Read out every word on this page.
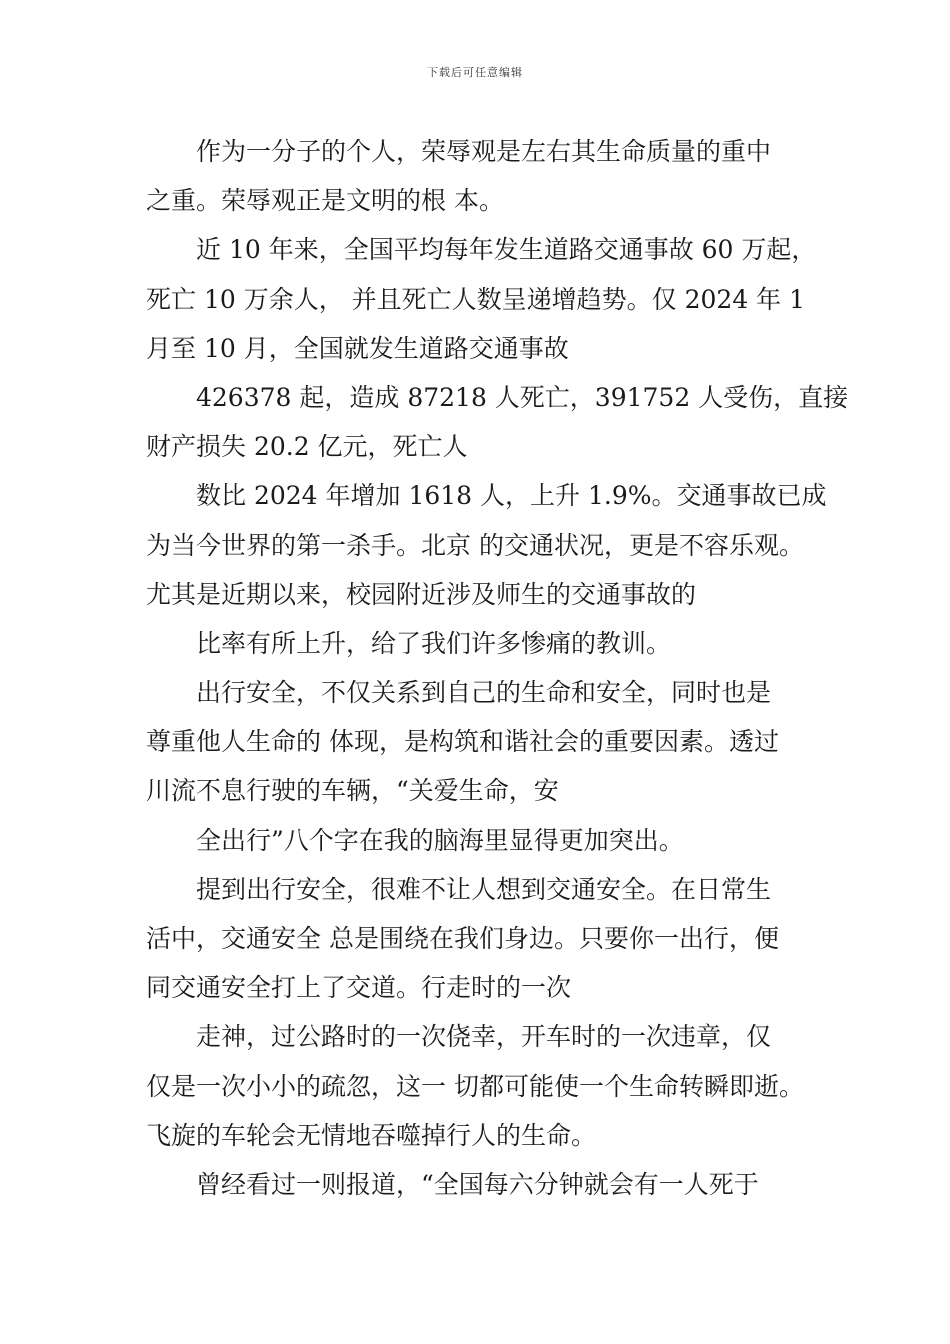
下载后可任意编辑

作为一分子的个人，荣辱观是左右其生命质量的重中
之重。荣辱观正是文明的根 本。

近 10 年来，全国平均每年发生道路交通事故 60 万起，
死亡 10 万余人， 并且死亡人数呈递增趋势。仅 2024 年 1
月至 10 月，全国就发生道路交通事故

426378 起，造成 87218 人死亡，391752 人受伤，直接
财产损失 20.2 亿元，死亡人

数比 2024 年增加 1618 人，上升 1.9%。交通事故已成
为当今世界的第一杀手。北京 的交通状况，更是不容乐观。
尤其是近期以来，校园附近涉及师生的交通事故的

比率有所上升，给了我们许多惨痛的教训。

出行安全，不仅关系到自己的生命和安全，同时也是
尊重他人生命的 体现，是构筑和谐社会的重要因素。透过
川流不息行驶的车辆，“关爱生命，安

全出行”八个字在我的脑海里显得更加突出。

提到出行安全，很难不让人想到交通安全。在日常生
活中，交通安全 总是围绕在我们身边。只要你一出行，便
同交通安全打上了交道。行走时的一次

走神，过公路时的一次侥幸，开车时的一次违章，仅
仅是一次小小的疏忽，这一 切都可能使一个生命转瞬即逝。
飞旋的车轮会无情地吞噬掉行人的生命。

曾经看过一则报道，“全国每六分钟就会有一人死于
